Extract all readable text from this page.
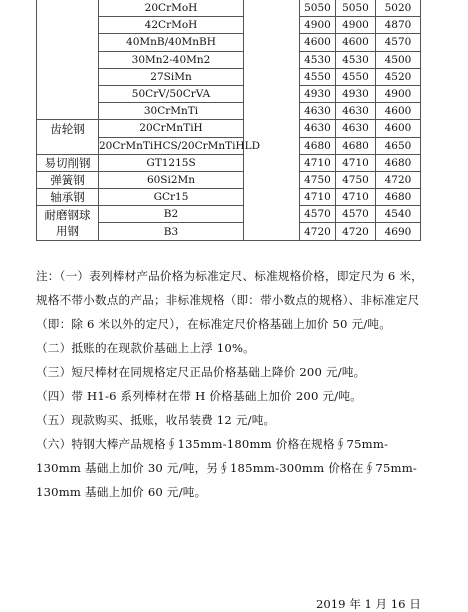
	20CrMoH		5050	5050	5020
	42CrMoH		4900	4900	4870
	40MnB/40MnBH		4600	4600	4570
	30Mn2-40Mn2		4530	4530	4500
	27SiMn		4550	4550	4520
	50CrV/50CrVA		4930	4930	4900
	30CrMnTi		4630	4630	4600
齿轮钢	20CrMnTiH		4630	4630	4600
	20CrMnTiHCS/20CrMnTiHLD		4680	4680	4650
易切削钢	GT1215S		4710	4710	4680
弹簧钢	60Si2Mn		4750	4750	4720
轴承钢	GCr15		4710	4710	4680
耐磨钢球	B2		4570	4570	4540
用钢	B3		4720	4720	4690

注：（一）表列棒材产品价格为标准定尺、标准规格价格，即定尺为 6 米，规格不带小数点的产品；非标准规格（即：带小数点的规格）、非标准定尺（即：除 6 米以外的定尺），在标准定尺价格基础上加价 50 元/吨。

（二）抵账的在现款价基础上上浮 10%。

（三）短尺棒材在同规格定尺正品价格基础上降价 200 元/吨。

（四）带 H1-6 系列棒材在带 H 价格基础上加价 200 元/吨。

（五）现款购买、抵账，收吊装费 12 元/吨。

（六）特钢大棒产品规格∮135mm-180mm 价格在规格∮75mm-130mm 基础上加价 30 元/吨，另∮185mm-300mm 价格在∮75mm-130mm 基础上加价 60 元/吨。

2019 年 1 月 16 日
